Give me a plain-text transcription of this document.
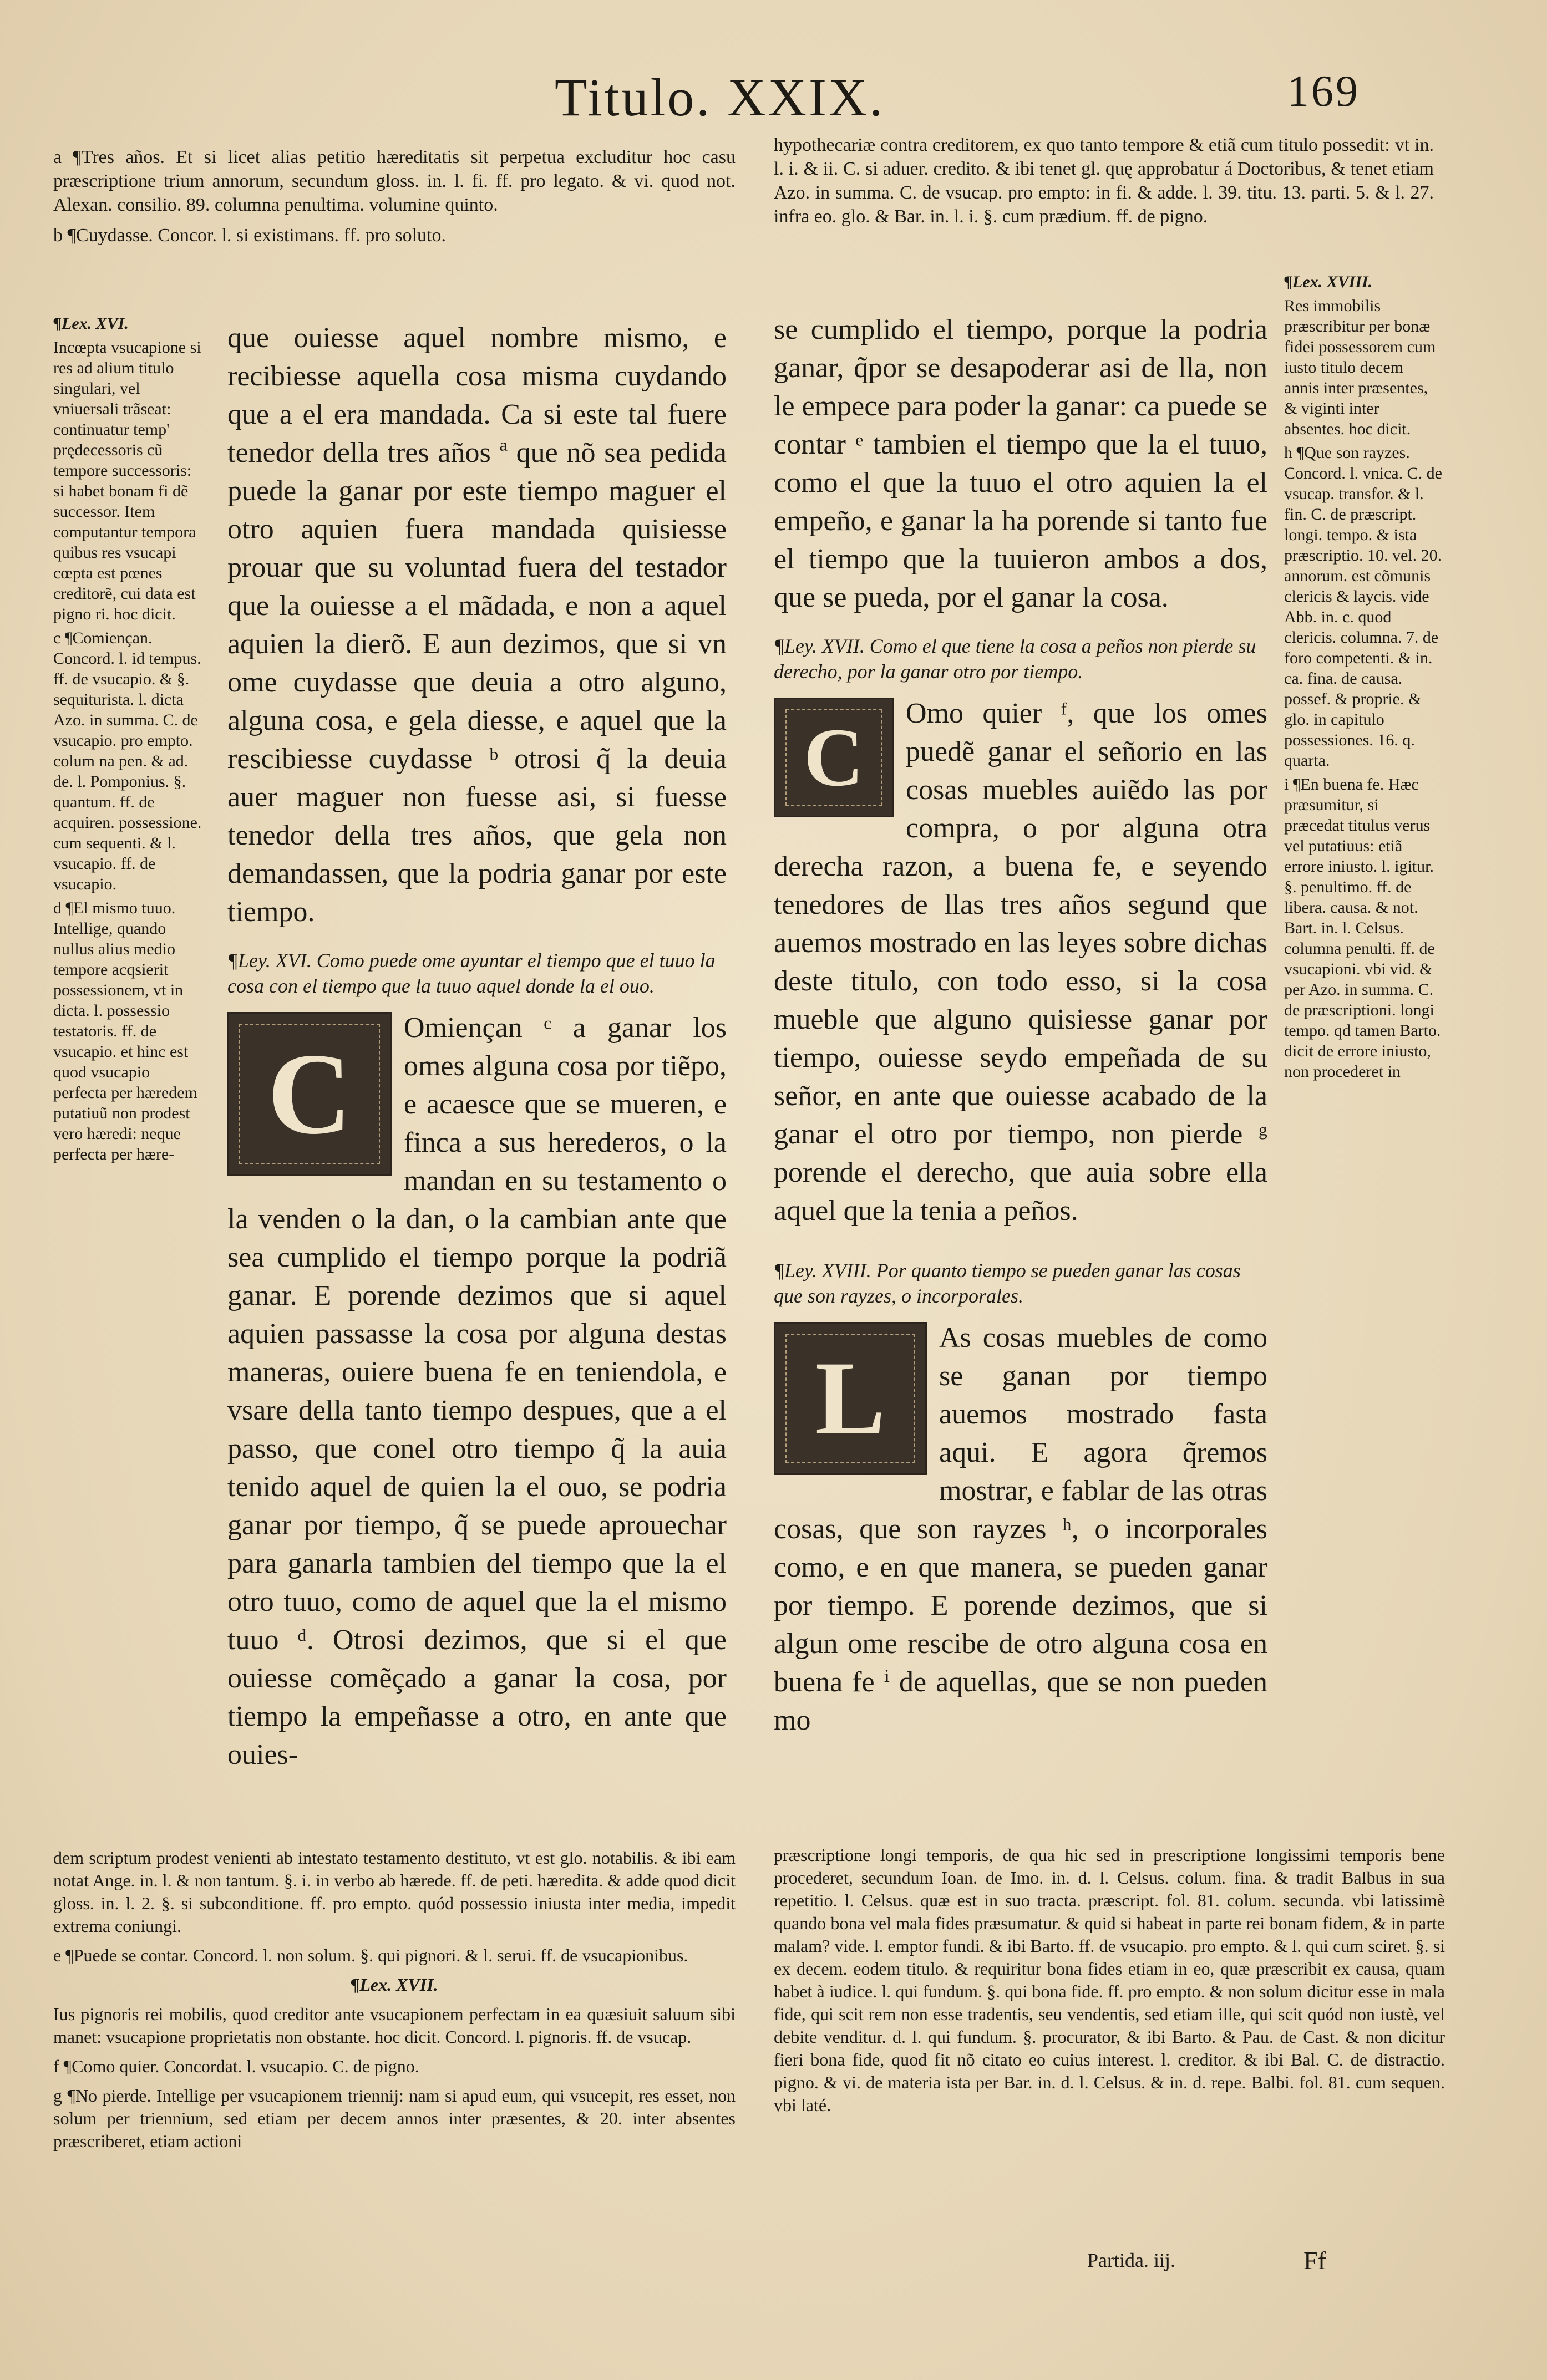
Titulo. XXIX.	169

a ¶Tres años. Et si licet alias petitio hæreditatis sit perpetua excluditur hoc casu præscriptione trium annorum, secundum gloss. in. l. fi. ff. pro legato. & vi. quod not. Alexan. consilio. 89. columna penultima. volumine quinto.

b ¶Cuydasse. Concor. l. si existimans. ff. pro soluto.

hypothecariæ contra creditorem, ex quo tanto tempore & etiã cum titulo possedit: vt in. l. i. & ii. C. si aduer. credito. & ibi tenet gl. quę approbatur á Doctoribus, & tenet etiam Azo. in summa. C. de vsucap. pro empto: in fi. & adde. l. 39. titu. 13. parti. 5. & l. 27. infra eo. glo. & Bar. in. l. i. §. cum prædium. ff. de pigno.

¶Lex. XVI.

Incœpta vsucapione si res ad alium titulo singulari, vel vniuersali trãseat: continuatur temp' prędecessoris cũ tempore successoris: si habet bonam fi dẽ successor. Item computantur tempora quibus res vsucapi cœpta est pœnes creditorẽ, cui data est pigno ri. hoc dicit.

c ¶Comiençan. Concord. l. id tempus. ff. de vsucapio. & §. sequiturista. l. dicta Azo. in summa. C. de vsucapio. pro empto. colum na pen. & ad. de. l. Pomponius. §. quantum. ff. de acquiren. possessione. cum sequenti. & l. vsucapio. ff. de vsucapio.

d ¶El mismo tuuo. Intellige, quando nullus alius medio tempore acqsierit possessionem, vt in dicta. l. possessio testatoris. ff. de vsucapio. et hinc est quod vsucapio perfecta per hæredem putatiuũ non prodest vero hæredi: neque perfecta per hære-

que ouiesse aquel nombre mismo, e recibiesse aquella cosa misma cuydando que a el era mandada. Ca si este tal fuere tenedor della tres años ª que nõ sea pedida puede la ganar por este tiempo maguer el otro aquien fuera mandada quisiesse prouar que su voluntad fuera del testador que la ouiesse a el mãdada, e non a aquel aquien la dierõ. E aun dezimos, que si vn ome cuydasse que deuia a otro alguno, alguna cosa, e gela diesse, e aquel que la rescibiesse cuydasse ᵇ otrosi q̃ la deuia auer maguer non fuesse asi, si fuesse tenedor della tres años, que gela non demandassen, que la podria ganar por este tiempo.
¶Ley. XVI. Como puede ome ayuntar el tiempo que el tuuo la cosa con el tiempo que la tuuo aquel donde la el ouo.
C

Omiençan ᶜ a ganar los omes alguna cosa por tiẽpo, e acaesce que se mueren, e finca a sus herederos, o la mandan en su testamento o la venden o la dan, o la cambian ante que sea cumplido el tiempo porque la podriã ganar. E porende dezimos que si aquel aquien passasse la cosa por alguna destas maneras, ouiere buena fe en teniendola, e vsare della tanto tiempo despues, que a el passo, que conel otro tiempo q̃ la auia tenido aquel de quien la el ouo, se podria ganar por tiempo, q̃ se puede aprouechar para ganarla tambien del tiempo que la el otro tuuo, como de aquel que la el mismo tuuo ᵈ. Otrosi dezimos, que si el que ouiesse comẽçado a ganar la cosa, por tiempo la empeñasse a otro, en ante que ouies-

se cumplido el tiempo, porque la podria ganar, q̃por se desapoderar asi de lla, non le empece para poder la ganar: ca puede se contar ᵉ tambien el tiempo que la el tuuo, como el que la tuuo el otro aquien la el empeño, e ganar la ha porende si tanto fue el tiempo que la tuuieron ambos a dos, que se pueda, por el ganar la cosa.
¶Ley. XVII. Como el que tiene la cosa a peños non pierde su derecho, por la ganar otro por tiempo.
C	Omo quier ᶠ, que los omes puedẽ ganar el señorio en las cosas muebles auiẽdo las por compra, o por alguna otra derecha razon, a buena fe, e seyendo tenedores de llas tres años segund que auemos mostrado en las leyes sobre dichas deste titulo, con todo esso, si la cosa mueble que alguno quisiesse ganar por tiempo, ouiesse seydo empeñada de su señor, en ante que ouiesse acabado de la ganar el otro por tiempo, non pierde ᵍ porende el derecho, que auia sobre ella aquel que la tenia a peños.

¶Ley. XVIII. Por quanto tiempo se pueden ganar las cosas que son rayzes, o incorporales.
L

As cosas muebles de como se ganan por tiempo auemos mostrado fasta aqui. E agora q̃remos mostrar, e fablar de las otras cosas, que son rayzes ʰ, o incorporales como, e en que manera, se pueden ganar por tiempo. E porende dezimos, que si algun ome rescibe de otro alguna cosa en buena fe ⁱ de aquellas, que se non pueden mo

¶Lex. XVIII.

Res immobilis præscribitur per bonæ fidei possessorem cum iusto titulo decem annis inter præsentes, & viginti inter absentes. hoc dicit.

h ¶Que son rayzes. Concord. l. vnica. C. de vsucap. transfor. & l. fin. C. de præscript. longi. tempo. & ista præscriptio. 10. vel. 20. annorum. est cõmunis clericis & laycis. vide Abb. in. c. quod clericis. columna. 7. de foro competenti. & in. ca. fina. de causa. possef. & proprie. & glo. in capitulo possessiones. 16. q. quarta.

i ¶En buena fe. Hæc præsumitur, si præcedat titulus verus vel putatiuus: etiã errore iniusto. l. igitur. §. penultimo. ff. de libera. causa. & not. Bart. in. l. Celsus. columna penulti. ff. de vsucapioni. vbi vid. & per Azo. in summa. C. de præscriptioni. longi tempo. qd tamen Barto. dicit de errore iniusto, non procederet in

dem scriptum prodest venienti ab intestato testamento destituto, vt est glo. notabilis. & ibi eam notat Ange. in. l. & non tantum. §. i. in verbo ab hærede. ff. de peti. hæredita. & adde quod dicit gloss. in. l. 2. §. si subconditione. ff. pro empto. quód possessio iniusta inter media, impedit extrema coniungi.

e ¶Puede se contar. Concord. l. non solum. §. qui pignori. & l. serui. ff. de vsucapionibus.

¶Lex. XVII.

Ius pignoris rei mobilis, quod creditor ante vsucapionem perfectam in ea quæsiuit saluum sibi manet: vsucapione proprietatis non obstante. hoc dicit. Concord. l. pignoris. ff. de vsucap.

f ¶Como quier. Concordat. l. vsucapio. C. de pigno.

g ¶No pierde. Intellige per vsucapionem triennij: nam si apud eum, qui vsucepit, res esset, non solum per triennium, sed etiam per decem annos inter præsentes, & 20. inter absentes præscriberet, etiam actioni

præscriptione longi temporis, de qua hic sed in prescriptione longissimi temporis bene procederet, secundum Ioan. de Imo. in. d. l. Celsus. colum. fina. & tradit Balbus in sua repetitio. l. Celsus. quæ est in suo tracta. præscript. fol. 81. colum. secunda. vbi latissimè quando bona vel mala fides præsumatur. & quid si habeat in parte rei bonam fidem, & in parte malam? vide. l. emptor fundi. & ibi Barto. ff. de vsucapio. pro empto. & l. qui cum sciret. §. si ex decem. eodem titulo. & requiritur bona fides etiam in eo, quæ præscribit ex causa, quam habet à iudice. l. qui fundum. §. qui bona fide. ff. pro empto. & non solum dicitur esse in mala fide, qui scit rem non esse tradentis, seu vendentis, sed etiam ille, qui scit quód non iustè, vel debite venditur. d. l. qui fundum. §. procurator, & ibi Barto. & Pau. de Cast. & non dicitur fieri bona fide, quod fit nõ citato eo cuius interest. l. creditor. & ibi Bal. C. de distractio. pigno. & vi. de materia ista per Bar. in. d. l. Celsus. & in. d. repe. Balbi. fol. 81. cum sequen. vbi laté.
Partida. iij.	Ff
